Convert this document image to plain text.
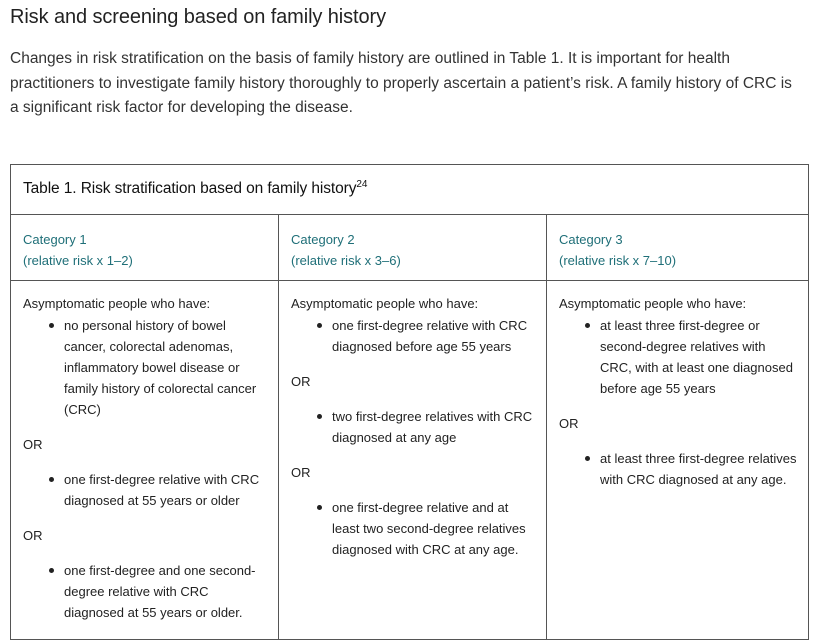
Risk and screening based on family history

Changes in risk stratification on the basis of family history are outlined in Table 1. It is important for health practitioners to investigate family history thoroughly to properly ascertain a patient’s risk. A family history of CRC is a significant risk factor for developing the disease.

Table 1. Risk stratification based on family history$^{24}$
Category 1
(relative risk x 1–2)
Category 2
(relative risk x 3–6)
Category 3
(relative risk x 7–10)

Asymptomatic people who have:

no personal history of bowel cancer, colorectal adenomas, inflammatory bowel disease or family history of colorectal cancer (CRC)

OR

one first-degree relative with CRC diagnosed at 55 years or older

OR

one first-degree and one second-degree relative with CRC diagnosed at 55 years or older.

Asymptomatic people who have:

one first-degree relative with CRC diagnosed before age 55 years

OR

two first-degree relatives with CRC diagnosed at any age

OR

one first-degree relative and at least two second-degree relatives diagnosed with CRC at any age.

Asymptomatic people who have:

at least three first-degree or second-degree relatives with CRC, with at least one diagnosed before age 55 years

OR

at least three first-degree relatives with CRC diagnosed at any age.
